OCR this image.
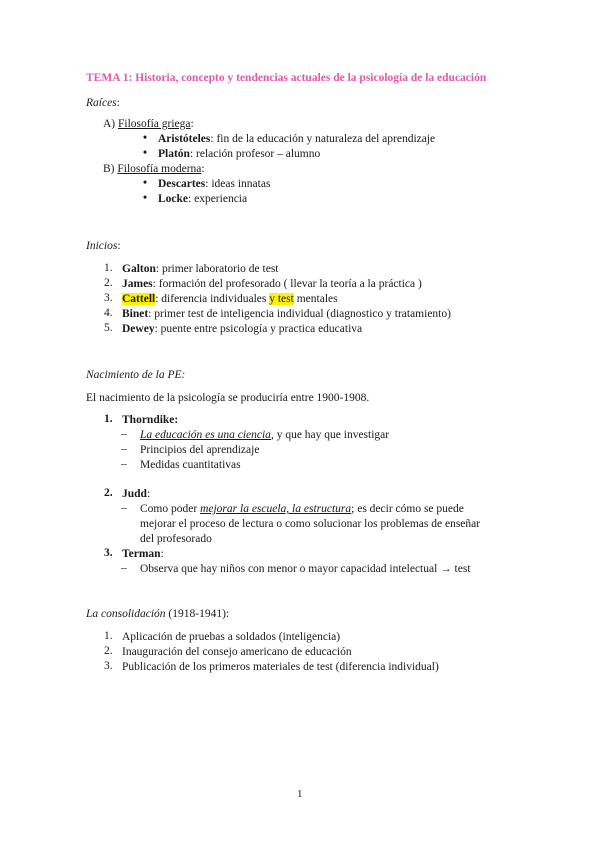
TEMA 1: Historia, concepto y tendencias actuales de la psicología de la educación
Raíces:
A) Filosofía griega:
• Aristóteles: fin de la educación y naturaleza del aprendizaje
• Platón: relación profesor – alumno
B) Filosofía moderna:
• Descartes: ideas innatas
• Locke: experiencia
Inicios:
1. Galton: primer laboratorio de test
2. James: formación del profesorado ( llevar la teoría a la práctica )
3. Cattell: diferencia individuales y test mentales
4. Binet: primer test de inteligencia individual (diagnostico y tratamiento)
5. Dewey: puente entre psicología y practica educativa
Nacimiento de la PE:
El nacimiento de la psicología se produciría entre 1900-1908.
1. Thorndike:
– La educación es una ciencia, y que hay que investigar
– Principios del aprendizaje
– Medidas cuantitativas
2. Judd:
– Como poder mejorar la escuela, la estructura; es decir cómo se puede
mejorar el proceso de lectura o como solucionar los problemas de enseñar
del profesorado
3. Terman:
– Observa que hay niños con menor o mayor capacidad intelectual → test
La consolidación (1918-1941):
1. Aplicación de pruebas a soldados (inteligencia)
2. Inauguración del consejo americano de educación
3. Publicación de los primeros materiales de test (diferencia individual)
1
